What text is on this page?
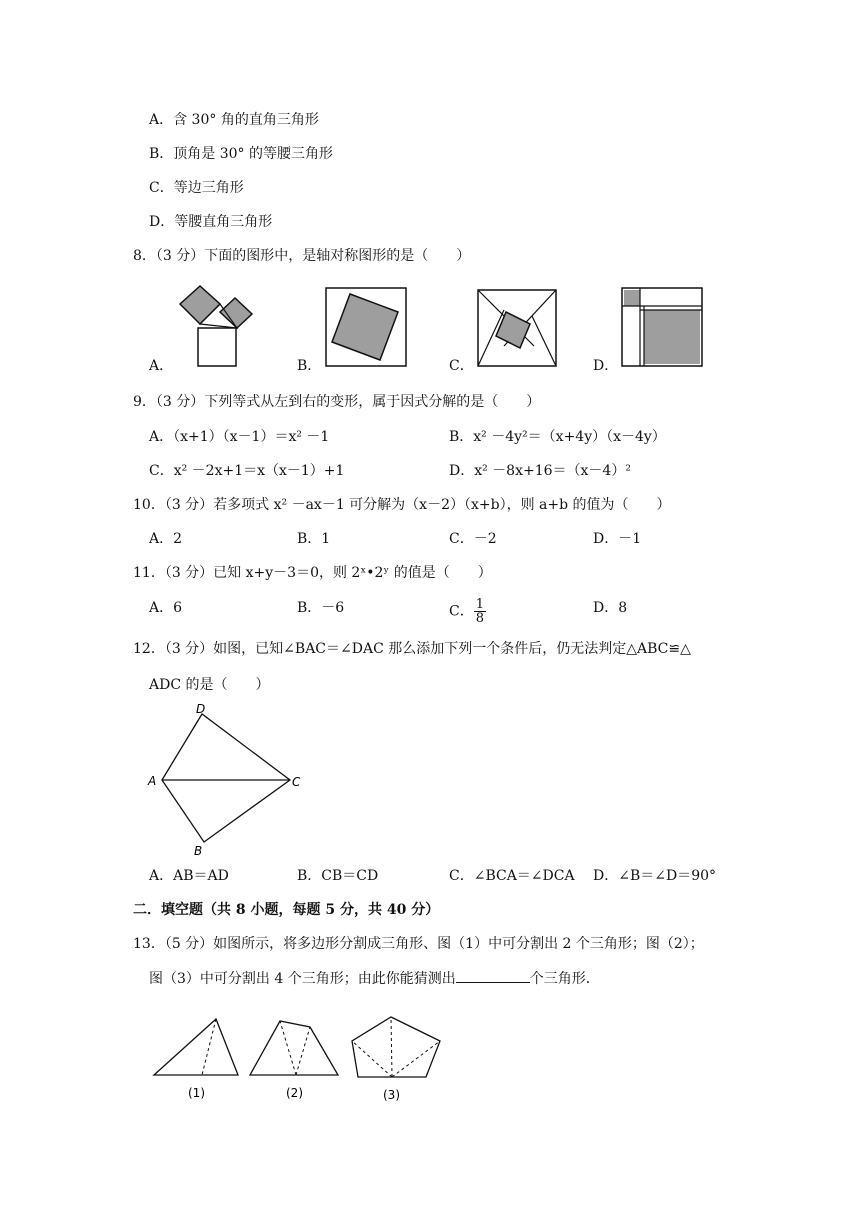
A．含 30° 角的直角三角形
B．顶角是 30° 的等腰三角形
C．等边三角形
D．等腰直角三角形
8．（3 分）下面的图形中，是轴对称图形的是（　　）
A．	B．	C．	D．
9．（3 分）下列等式从左到右的变形，属于因式分解的是（　　）
A．（x+1）（x－1）＝x² －1	B．x² －4y²＝（x+4y）（x－4y）
C．x² －2x+1＝x（x－1）+1	D．x² －8x+16＝（x－4）²
10．（3 分）若多项式 x² －ax－1 可分解为（x－2）（x+b），则 a+b 的值为（　　）
A．2	B．1	C．－2	D．－1
11．（3 分）已知 x+y－3＝0，则 2ˣ•2ʸ 的值是（　　）
A．6	B．－6	C． $\frac{1}{8}$	D．8
12．（3 分）如图，已知∠BAC＝∠DAC 那么添加下列一个条件后，仍无法判定△ABC≌△
ADC 的是（　　）
D
A	C
B
A．AB＝AD	B．CB＝CD	C．∠BCA＝∠DCA D．∠B＝∠D＝90°
二．填空题（共 8 小题，每题 5 分，共 40 分）
13．（5 分）如图所示，将多边形分割成三角形、图（1）中可分割出 2 个三角形；图（2）；
图（3）中可分割出 4 个三角形；由此你能猜测出	个三角形．
(1)	(2)	(3)
